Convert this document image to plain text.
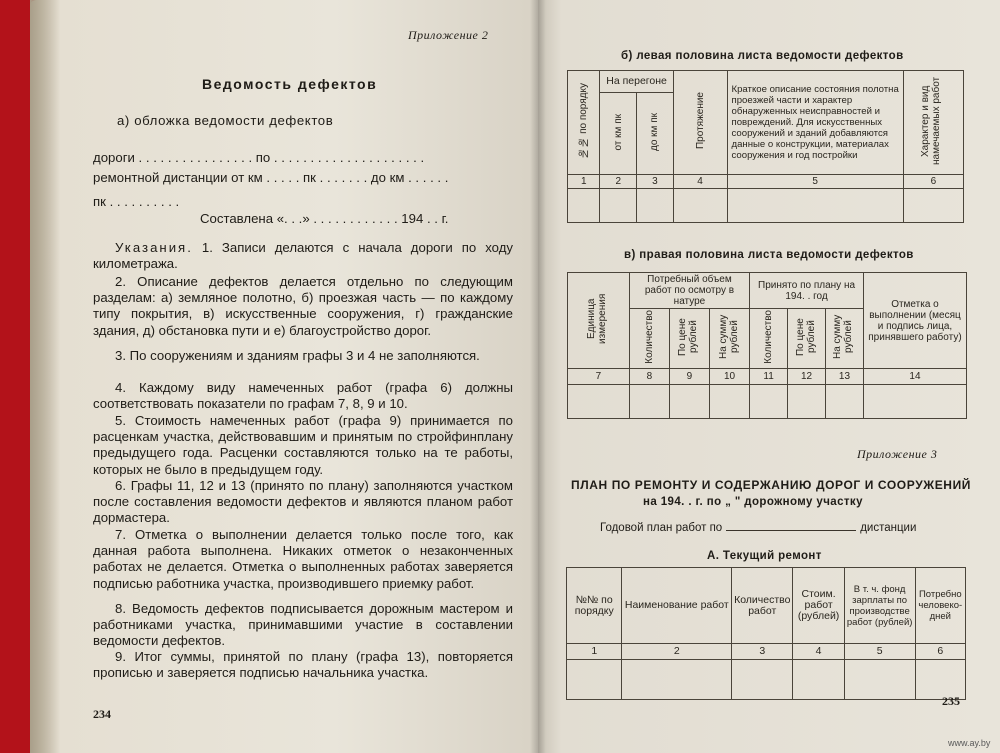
Приложение 2
Ведомость дефектов
а) обложка ведомости дефектов
дороги . . . . . . . . . . . . . . . . по . . . . . . . . . . . . . . . . . . . . .
ремонтной дистанции от км . . . . . пк . . . . . . . до км . . . . . .
пк . . . . . . . . . .
Составлена «. . .» . . . . . . . . . . . . 194 . . г.
Указания. 1. Записи делаются с начала дороги по ходу километража.
2. Описание дефектов делается отдельно по следующим разделам: а) земляное полотно, б) проезжая часть — по каждому типу покрытия, в) искусственные сооружения, г) гражданские здания, д) обстановка пути и е) благоустройство дорог.
3. По сооружениям и зданиям графы 3 и 4 не заполняются.
4. Каждому виду намеченных работ (графа 6) должны соответствовать показатели по графам 7, 8, 9 и 10.
5. Стоимость намеченных работ (графа 9) принимается по расценкам участка, действовавшим и принятым по стройфинплану предыдущего года. Расценки составляются только на те работы, которых не было в предыдущем году.
6. Графы 11, 12 и 13 (принято по плану) заполняются участком после составления ведомости дефектов и являются планом работ дормастера.
7. Отметка о выполнении делается только после того, как данная работа выполнена. Никаких отметок о незаконченных работах не делается. Отметка о выполненных работах заверяется подписью работника участка, производившего приемку работ.
8. Ведомость дефектов подписывается дорожным мастером и работниками участка, принимавшими участие в составлении ведомости дефектов.
9. Итог суммы, принятой по плану (графа 13), повторяется прописью и заверяется подписью начальника участка.
234
б) левая половина листа ведомости дефектов
№№ по порядку	На перегоне		Протяжение	Краткое описание состояния полотна проезжей части и характер обнаруженных неисправностей и повреждений. Для искусственных сооружений и зданий добавляются данные о конструкции, материалах сооружения и год постройки	Характер и вид намечаемых работ
	от км пк	до км пк			
1	2	3	4	5	6

в) правая половина листа ведомости дефектов
Единица измерения	Потребный объем работ по осмотру в натуре			Принято по плану на 194. . год			Отметка о выполнении (месяц и подпись лица, принявшего работу)
	Количество	По цене рублей	На сумму рублей	Количество	По цене рублей	На сумму рублей	
7	8	9	10	11	12	13	14

Приложение 3
ПЛАН ПО РЕМОНТУ И СОДЕРЖАНИЮ ДОРОГ И СООРУЖЕНИЙ
на 194. . г. по „ " дорожному участку
Годовой план работ по	дистанции
А. Текущий ремонт
№№ по порядку	Наименование работ	Количество работ	Стоим. работ (рублей)	В т. ч. фонд зарплаты по производстве работ (рублей)	Потребно человеко-дней
1	2	3	4	5	6

235
www.ay.by
